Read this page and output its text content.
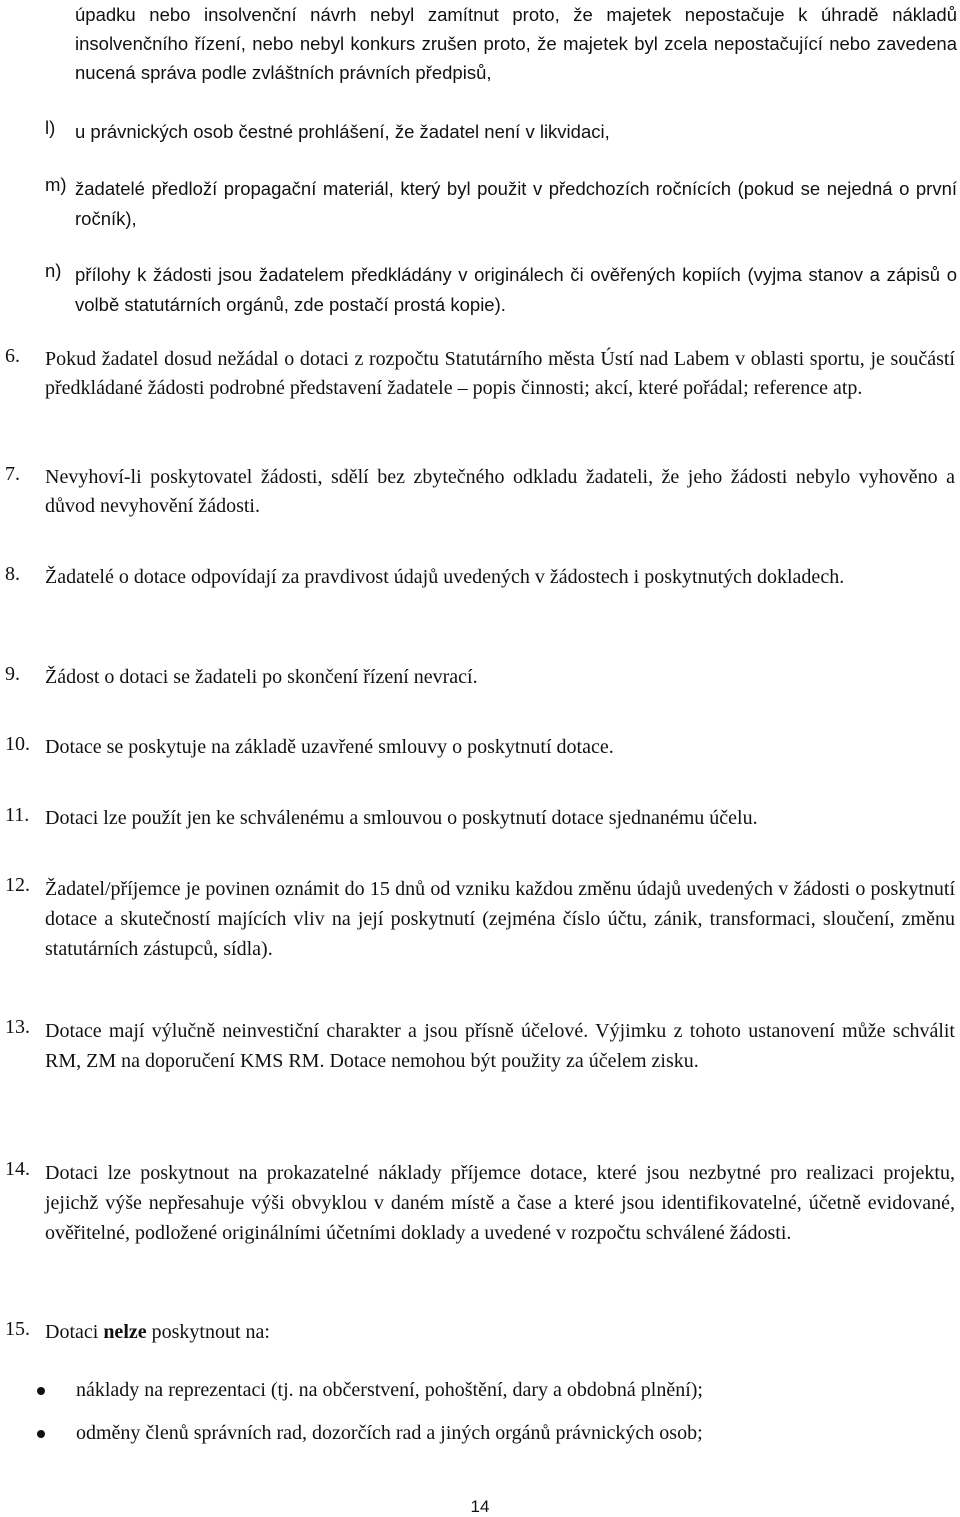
úpadku nebo insolvenční návrh nebyl zamítnut proto, že majetek nepostačuje k úhradě nákladů insolvenčního řízení, nebo nebyl konkurs zrušen proto, že majetek byl zcela nepostačující nebo zavedena nucená správa podle zvláštních právních předpisů,

l) u právnických osob čestné prohlášení, že žadatel není v likvidaci,

m) žadatelé předloží propagační materiál, který byl použit v předchozích ročnících (pokud se nejedná o první ročník),

n) přílohy k žádosti jsou žadatelem předkládány v originálech či ověřených kopiích (vyjma stanov a zápisů o volbě statutárních orgánů, zde postačí prostá kopie).

6. Pokud žadatel dosud nežádal o dotaci z rozpočtu Statutárního města Ústí nad Labem v oblasti sportu, je součástí předkládané žádosti podrobné představení žadatele – popis činnosti; akcí, které pořádal; reference atp.

7. Nevyhoví-li poskytovatel žádosti, sdělí bez zbytečného odkladu žadateli, že jeho žádosti nebylo vyhověno a důvod nevyhovění žádosti.

8. Žadatelé o dotace odpovídají za pravdivost údajů uvedených v žádostech i poskytnutých dokladech.

9. Žádost o dotaci se žadateli po skončení řízení nevrací.

10. Dotace se poskytuje na základě uzavřené smlouvy o poskytnutí dotace.

11. Dotaci lze použít jen ke schválenému a smlouvou o poskytnutí dotace sjednanému účelu.

12. Žadatel/příjemce je povinen oznámit do 15 dnů od vzniku každou změnu údajů uvedených v žádosti o poskytnutí dotace a skutečností majících vliv na její poskytnutí (zejména číslo účtu, zánik, transformaci, sloučení, změnu statutárních zástupců, sídla).

13. Dotace mají výlučně neinvestiční charakter a jsou přísně účelové. Výjimku z tohoto ustanovení může schválit RM, ZM na doporučení KMS RM. Dotace nemohou být použity za účelem zisku.

14. Dotaci lze poskytnout na prokazatelné náklady příjemce dotace, které jsou nezbytné pro realizaci projektu, jejichž výše nepřesahuje výši obvyklou v daném místě a čase a které jsou identifikovatelné, účetně evidované, ověřitelné, podložené originálními účetními doklady a uvedené v rozpočtu schválené žádosti.

15. Dotaci nelze poskytnout na:

náklady na reprezentaci (tj. na občerstvení, pohoštění, dary a obdobná plnění);

odměny členů správních rad, dozorčích rad a jiných orgánů právnických osob;

14
